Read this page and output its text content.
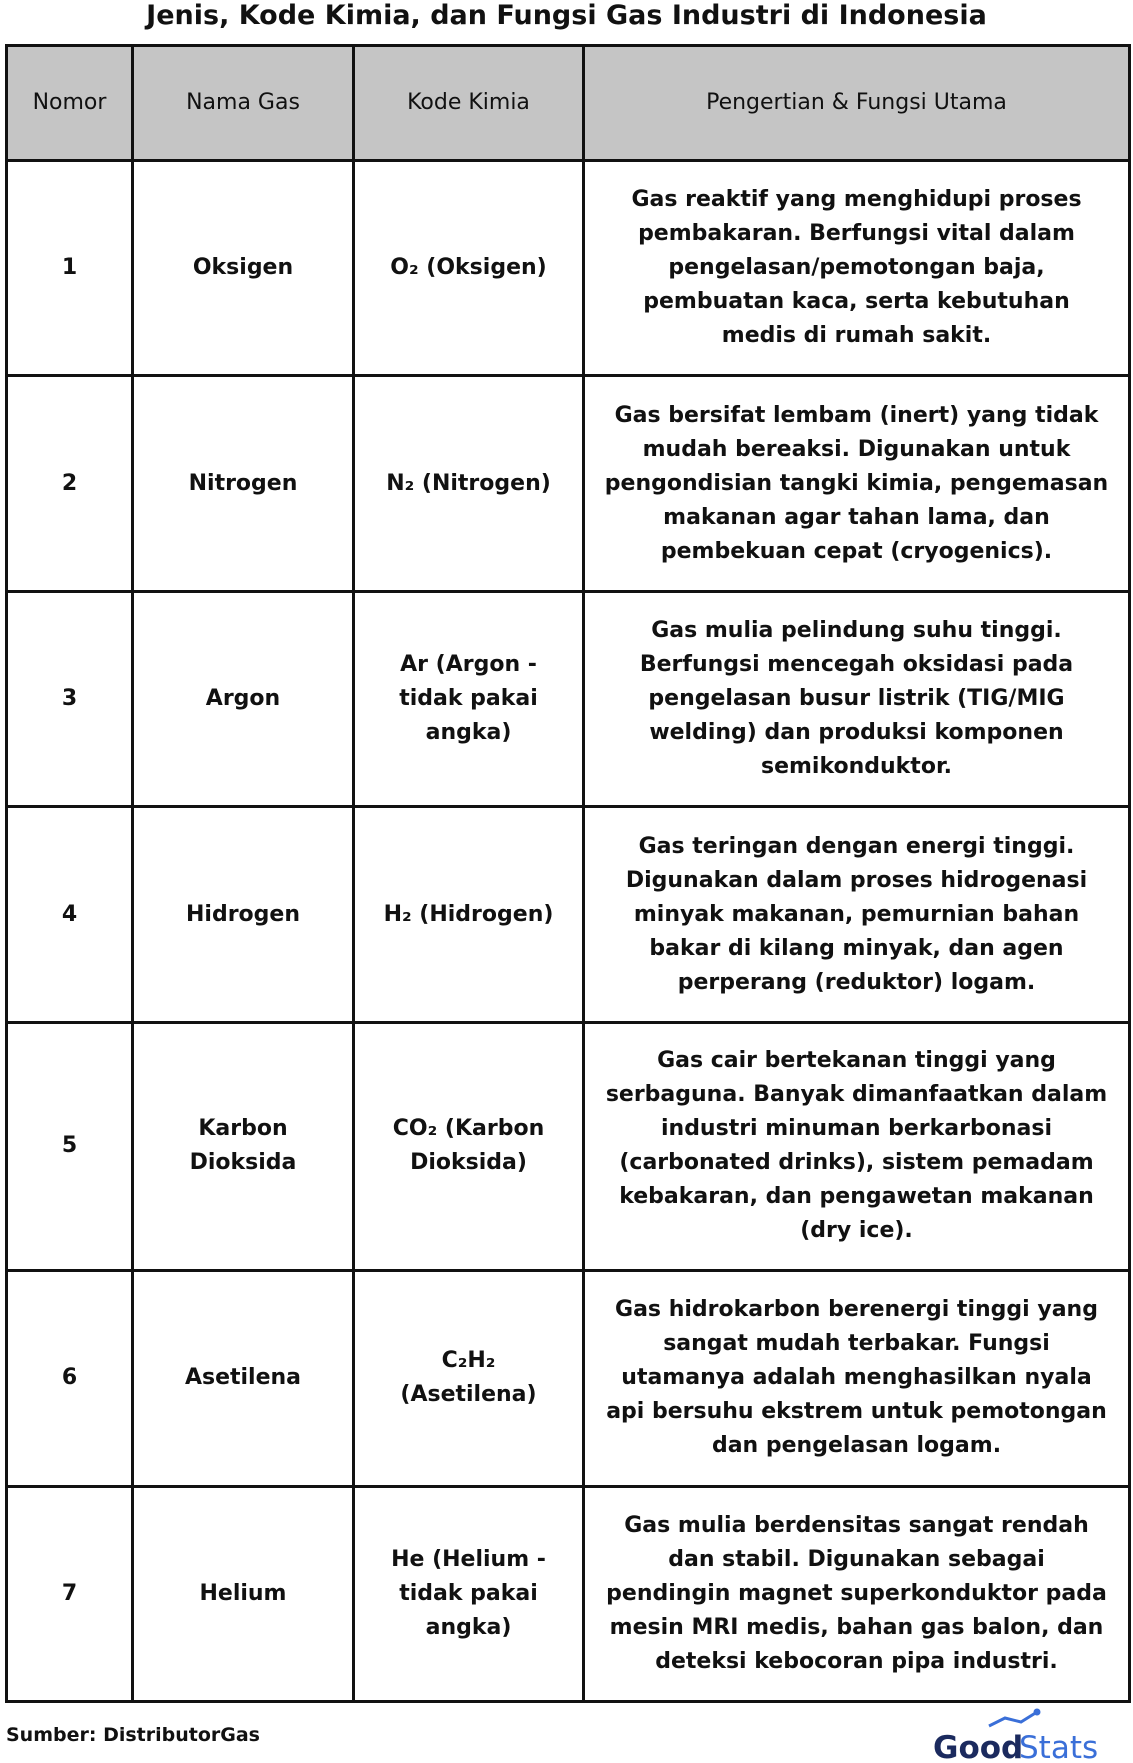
Jenis, Kode Kimia, dan Fungsi Gas Industri di Indonesia
Nomor	Nama Gas	Kode Kimia	Pengertian & Fungsi Utama
1	Oksigen	O₂ (Oksigen)	Gas reaktif yang menghidupi proses pembakaran. Berfungsi vital dalam pengelasan/pemotongan baja, pembuatan kaca, serta kebutuhan medis di rumah sakit.
2	Nitrogen	N₂ (Nitrogen)	Gas bersifat lembam (inert) yang tidak mudah bereaksi. Digunakan untuk pengondisian tangki kimia, pengemasan makanan agar tahan lama, dan pembekuan cepat (cryogenics).
3	Argon	Ar (Argon - tidak pakai angka)	Gas mulia pelindung suhu tinggi. Berfungsi mencegah oksidasi pada pengelasan busur listrik (TIG/MIG welding) dan produksi komponen semikonduktor.
4	Hidrogen	H₂ (Hidrogen)	Gas teringan dengan energi tinggi. Digunakan dalam proses hidrogenasi minyak makanan, pemurnian bahan bakar di kilang minyak, dan agen perperang (reduktor) logam.
5	Karbon Dioksida	CO₂ (Karbon Dioksida)	Gas cair bertekanan tinggi yang serbaguna. Banyak dimanfaatkan dalam industri minuman berkarbonasi (carbonated drinks), sistem pemadam kebakaran, dan pengawetan makanan (dry ice).
6	Asetilena	C₂H₂ (Asetilena)	Gas hidrokarbon berenergi tinggi yang sangat mudah terbakar. Fungsi utamanya adalah menghasilkan nyala api bersuhu ekstrem untuk pemotongan dan pengelasan logam.
7	Helium	He (Helium - tidak pakai angka)	Gas mulia berdensitas sangat rendah dan stabil. Digunakan sebagai pendingin magnet superkonduktor pada mesin MRI medis, bahan gas balon, dan deteksi kebocoran pipa industri.
Sumber: DistributorGas	Good
Stats
